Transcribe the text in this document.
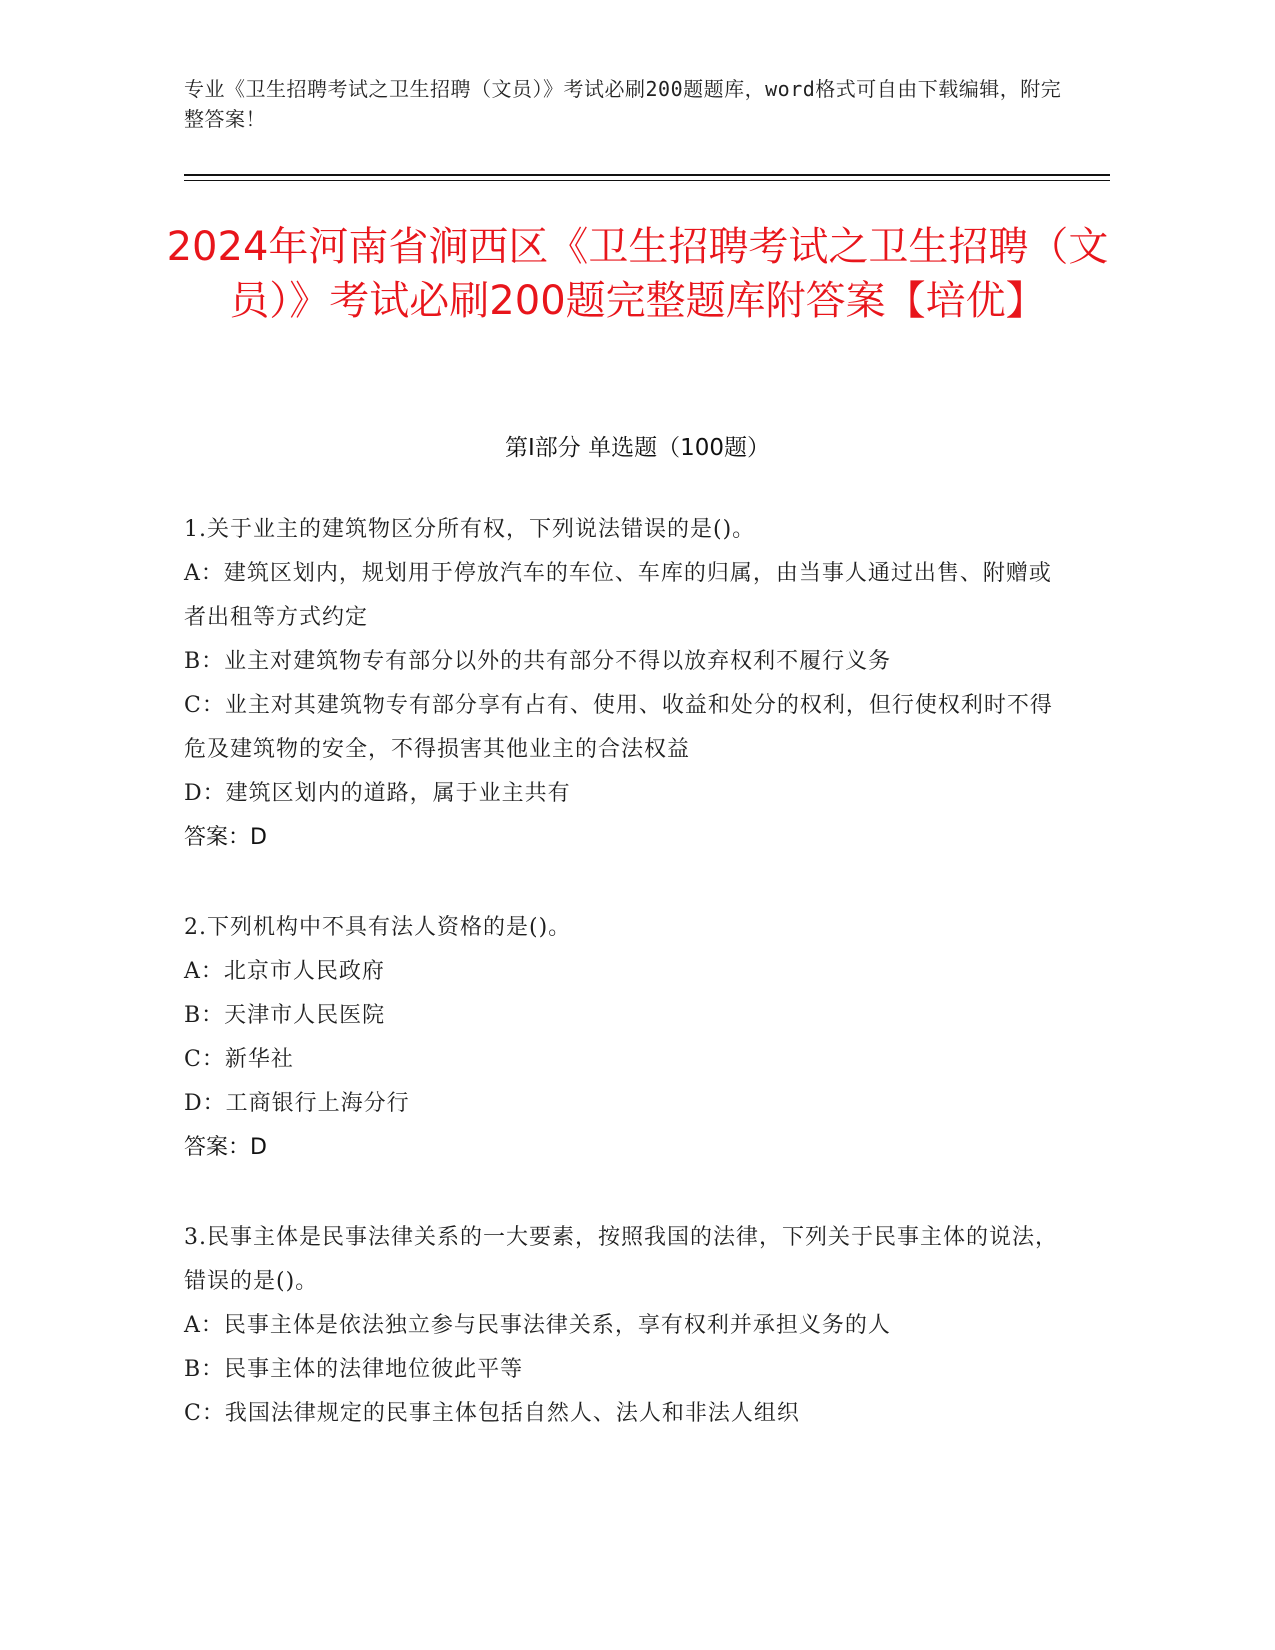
专业《卫生招聘考试之卫生招聘（文员）》考试必刷200题题库，word格式可自由下载编辑，附完整答案！
2024年河南省涧西区《卫生招聘考试之卫生招聘（文员）》考试必刷200题完整题库附答案【培优】
第I部分 单选题（100题）
1.关于业主的建筑物区分所有权，下列说法错误的是()。
A：建筑区划内，规划用于停放汽车的车位、车库的归属，由当事人通过出售、附赠或者出租等方式约定
B：业主对建筑物专有部分以外的共有部分不得以放弃权利不履行义务
C：业主对其建筑物专有部分享有占有、使用、收益和处分的权利，但行使权利时不得危及建筑物的安全，不得损害其他业主的合法权益
D：建筑区划内的道路，属于业主共有
答案：D
2.下列机构中不具有法人资格的是()。
A：北京市人民政府
B：天津市人民医院
C：新华社
D：工商银行上海分行
答案：D
3.民事主体是民事法律关系的一大要素，按照我国的法律，下列关于民事主体的说法，错误的是()。
A：民事主体是依法独立参与民事法律关系，享有权利并承担义务的人
B：民事主体的法律地位彼此平等
C：我国法律规定的民事主体包括自然人、法人和非法人组织
